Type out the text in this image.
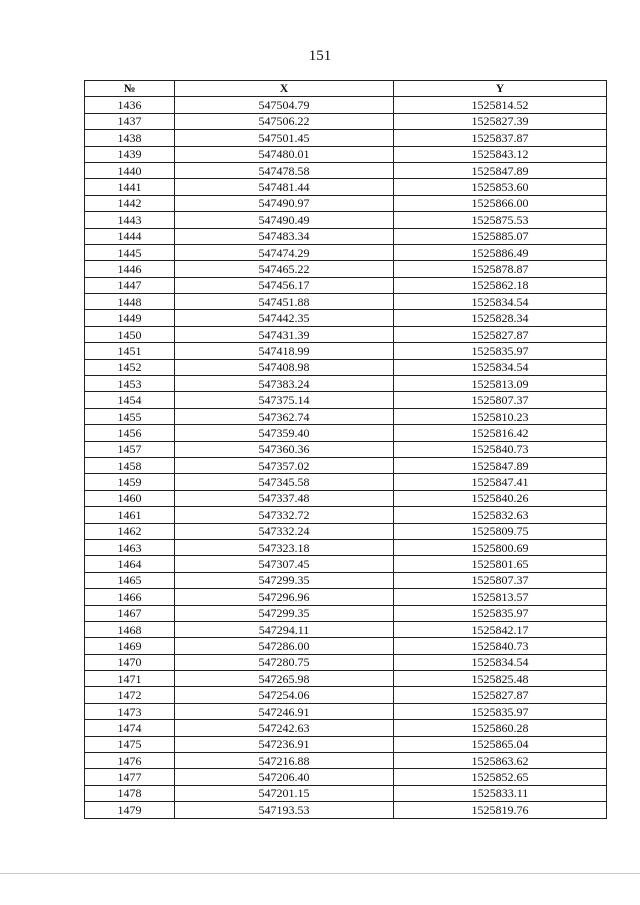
151
№	X	Y
1436	547504.79	1525814.52
1437	547506.22	1525827.39
1438	547501.45	1525837.87
1439	547480.01	1525843.12
1440	547478.58	1525847.89
1441	547481.44	1525853.60
1442	547490.97	1525866.00
1443	547490.49	1525875.53
1444	547483.34	1525885.07
1445	547474.29	1525886.49
1446	547465.22	1525878.87
1447	547456.17	1525862.18
1448	547451.88	1525834.54
1449	547442.35	1525828.34
1450	547431.39	1525827.87
1451	547418.99	1525835.97
1452	547408.98	1525834.54
1453	547383.24	1525813.09
1454	547375.14	1525807.37
1455	547362.74	1525810.23
1456	547359.40	1525816.42
1457	547360.36	1525840.73
1458	547357.02	1525847.89
1459	547345.58	1525847.41
1460	547337.48	1525840.26
1461	547332.72	1525832.63
1462	547332.24	1525809.75
1463	547323.18	1525800.69
1464	547307.45	1525801.65
1465	547299.35	1525807.37
1466	547296.96	1525813.57
1467	547299.35	1525835.97
1468	547294.11	1525842.17
1469	547286.00	1525840.73
1470	547280.75	1525834.54
1471	547265.98	1525825.48
1472	547254.06	1525827.87
1473	547246.91	1525835.97
1474	547242.63	1525860.28
1475	547236.91	1525865.04
1476	547216.88	1525863.62
1477	547206.40	1525852.65
1478	547201.15	1525833.11
1479	547193.53	1525819.76
